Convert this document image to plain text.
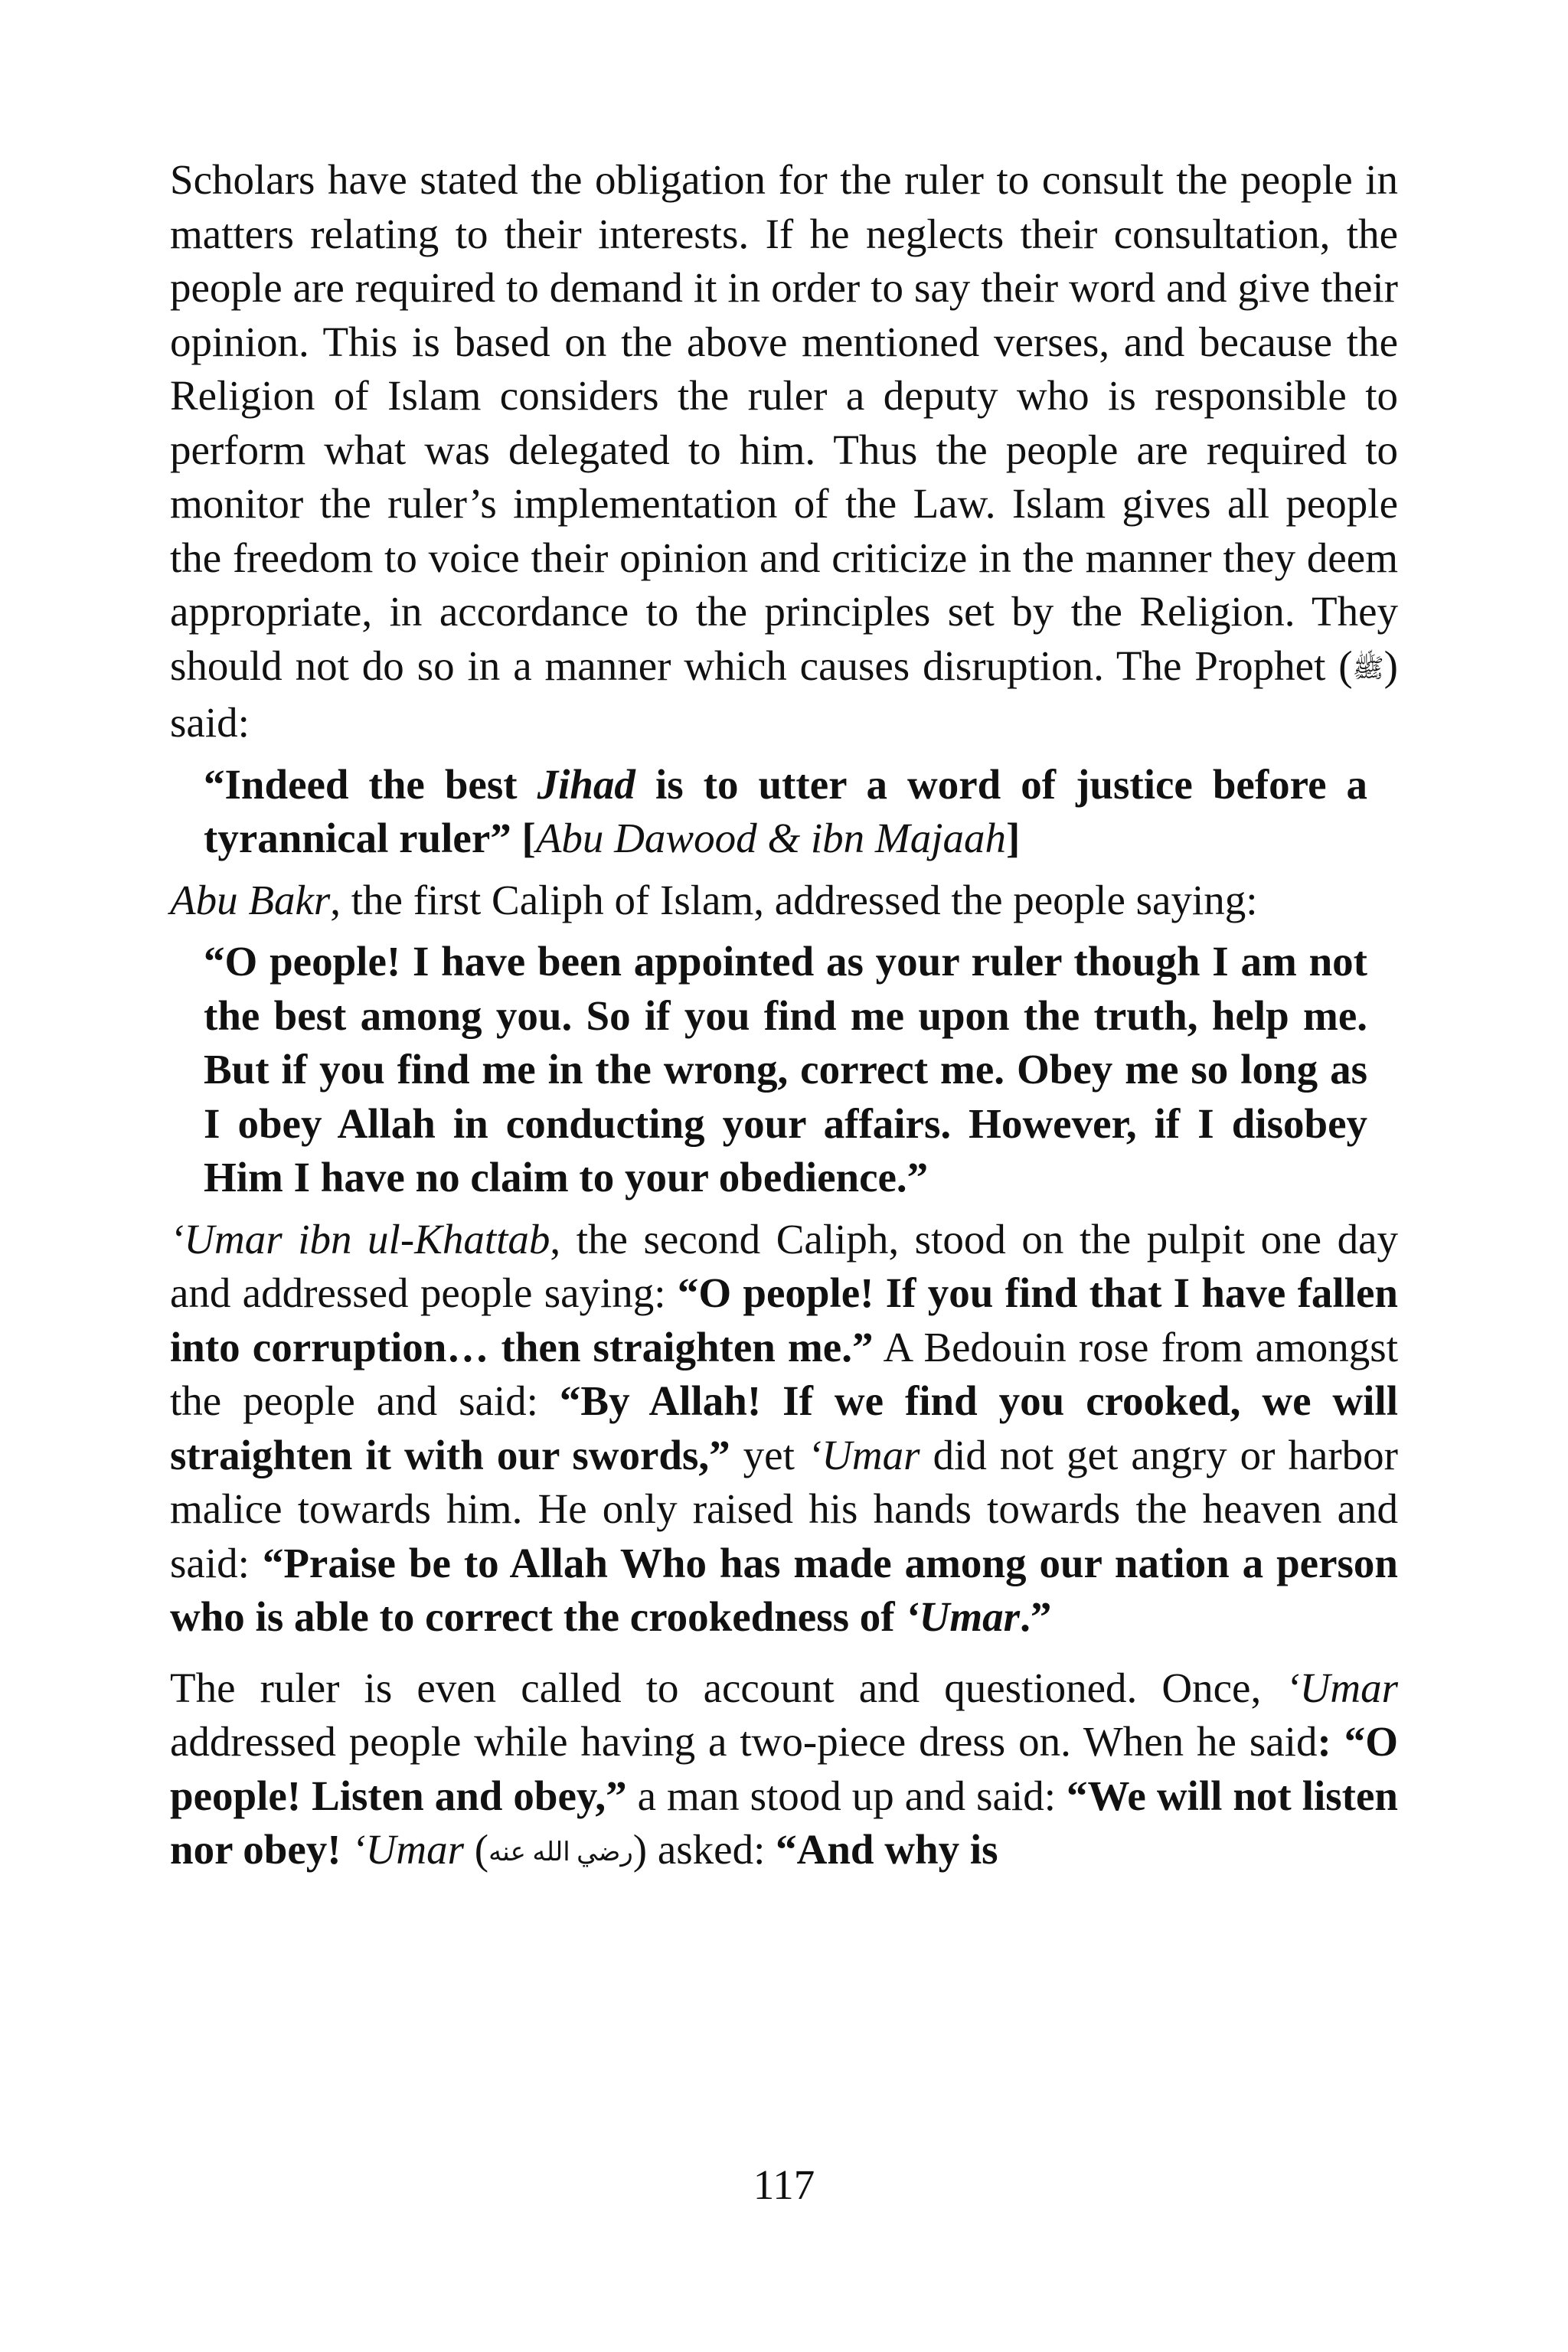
Scholars have stated the obligation for the ruler to consult the people in matters relating to their interests. If he neglects their consultation, the people are required to demand it in order to say their word and give their opinion. This is based on the above mentioned verses, and because the Religion of Islam considers the ruler a deputy who is responsible to perform what was delegated to him. Thus the people are required to monitor the ruler’s implementation of the Law. Islam gives all people the freedom to voice their opinion and criticize in the manner they deem appropriate, in accordance to the principles set by the Religion. They should not do so in a manner which causes disruption. The Prophet (ﷺ) said:

“Indeed the best Jihad is to utter a word of justice before a tyrannical ruler” [Abu Dawood & ibn Majaah]

Abu Bakr, the first Caliph of Islam, addressed the people saying:

“O people! I have been appointed as your ruler though I am not the best among you. So if you find me upon the truth, help me. But if you find me in the wrong, correct me. Obey me so long as I obey Allah in conducting your affairs. However, if I disobey Him I have no claim to your obedience.”

‘Umar ibn ul-Khattab, the second Caliph, stood on the pulpit one day and addressed people saying: “O people! If you find that I have fallen into corruption… then straighten me.” A Bedouin rose from amongst the people and said: “By Allah! If we find you crooked, we will straighten it with our swords,” yet ‘Umar did not get angry or harbor malice towards him. He only raised his hands towards the heaven and said: “Praise be to Allah Who has made among our nation a person who is able to correct the crookedness of ‘Umar.”

The ruler is even called to account and questioned. Once, ‘Umar addressed people while having a two-piece dress on. When he said: “O people! Listen and obey,” a man stood up and said: “We will not listen nor obey! ‘Umar (رضي الله عنه) asked: “And why is

117
